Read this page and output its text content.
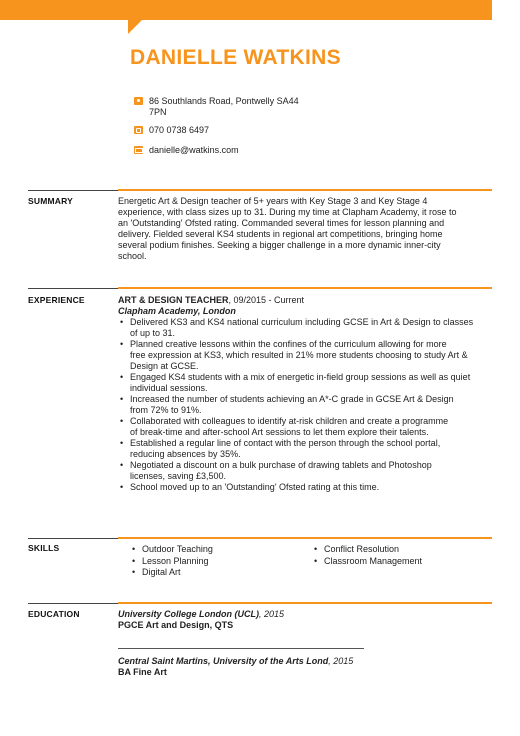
DANIELLE WATKINS
86 Southlands Road, Pontwelly SA44
7PN
070 0738 6497
danielle@watkins.com
SUMMARY	Energetic Art & Design teacher of 5+ years with Key Stage 3 and Key Stage 4
experience, with class sizes up to 31. During my time at Clapham Academy, it rose to
an 'Outstanding' Ofsted rating. Commanded several times for lesson planning and
delivery. Fielded several KS4 students in regional art competitions, bringing home
several podium finishes. Seeking a bigger challenge in a more dynamic inner-city
school.
EXPERIENCE	ART & DESIGN TEACHER, 09/2015 - Current
Clapham Academy, London
• Delivered KS3 and KS4 national curriculum including GCSE in Art & Design to classes
of up to 31.
• Planned creative lessons within the confines of the curriculum allowing for more
free expression at KS3, which resulted in 21% more students choosing to study Art &
Design at GCSE.
• Engaged KS4 students with a mix of energetic in-field group sessions as well as quiet
individual sessions.
• Increased the number of students achieving an A*-C grade in GCSE Art & Design
from 72% to 91%.
• Collaborated with colleagues to identify at-risk children and create a programme
of break-time and after-school Art sessions to let them explore their talents.
• Established a regular line of contact with the person through the school portal,
reducing absences by 35%.
• Negotiated a discount on a bulk purchase of drawing tablets and Photoshop
licenses, saving £3,500.
• School moved up to an 'Outstanding' Ofsted rating at this time.
SKILLS
•	Outdoor Teaching
• Lesson Planning
• Digital Art
• Conflict Resolution
• Classroom Management
EDUCATION	University College London (UCL), 2015
PGCE Art and Design, QTS
Central Saint Martins, University of the Arts Lond, 2015
BA Fine Art
